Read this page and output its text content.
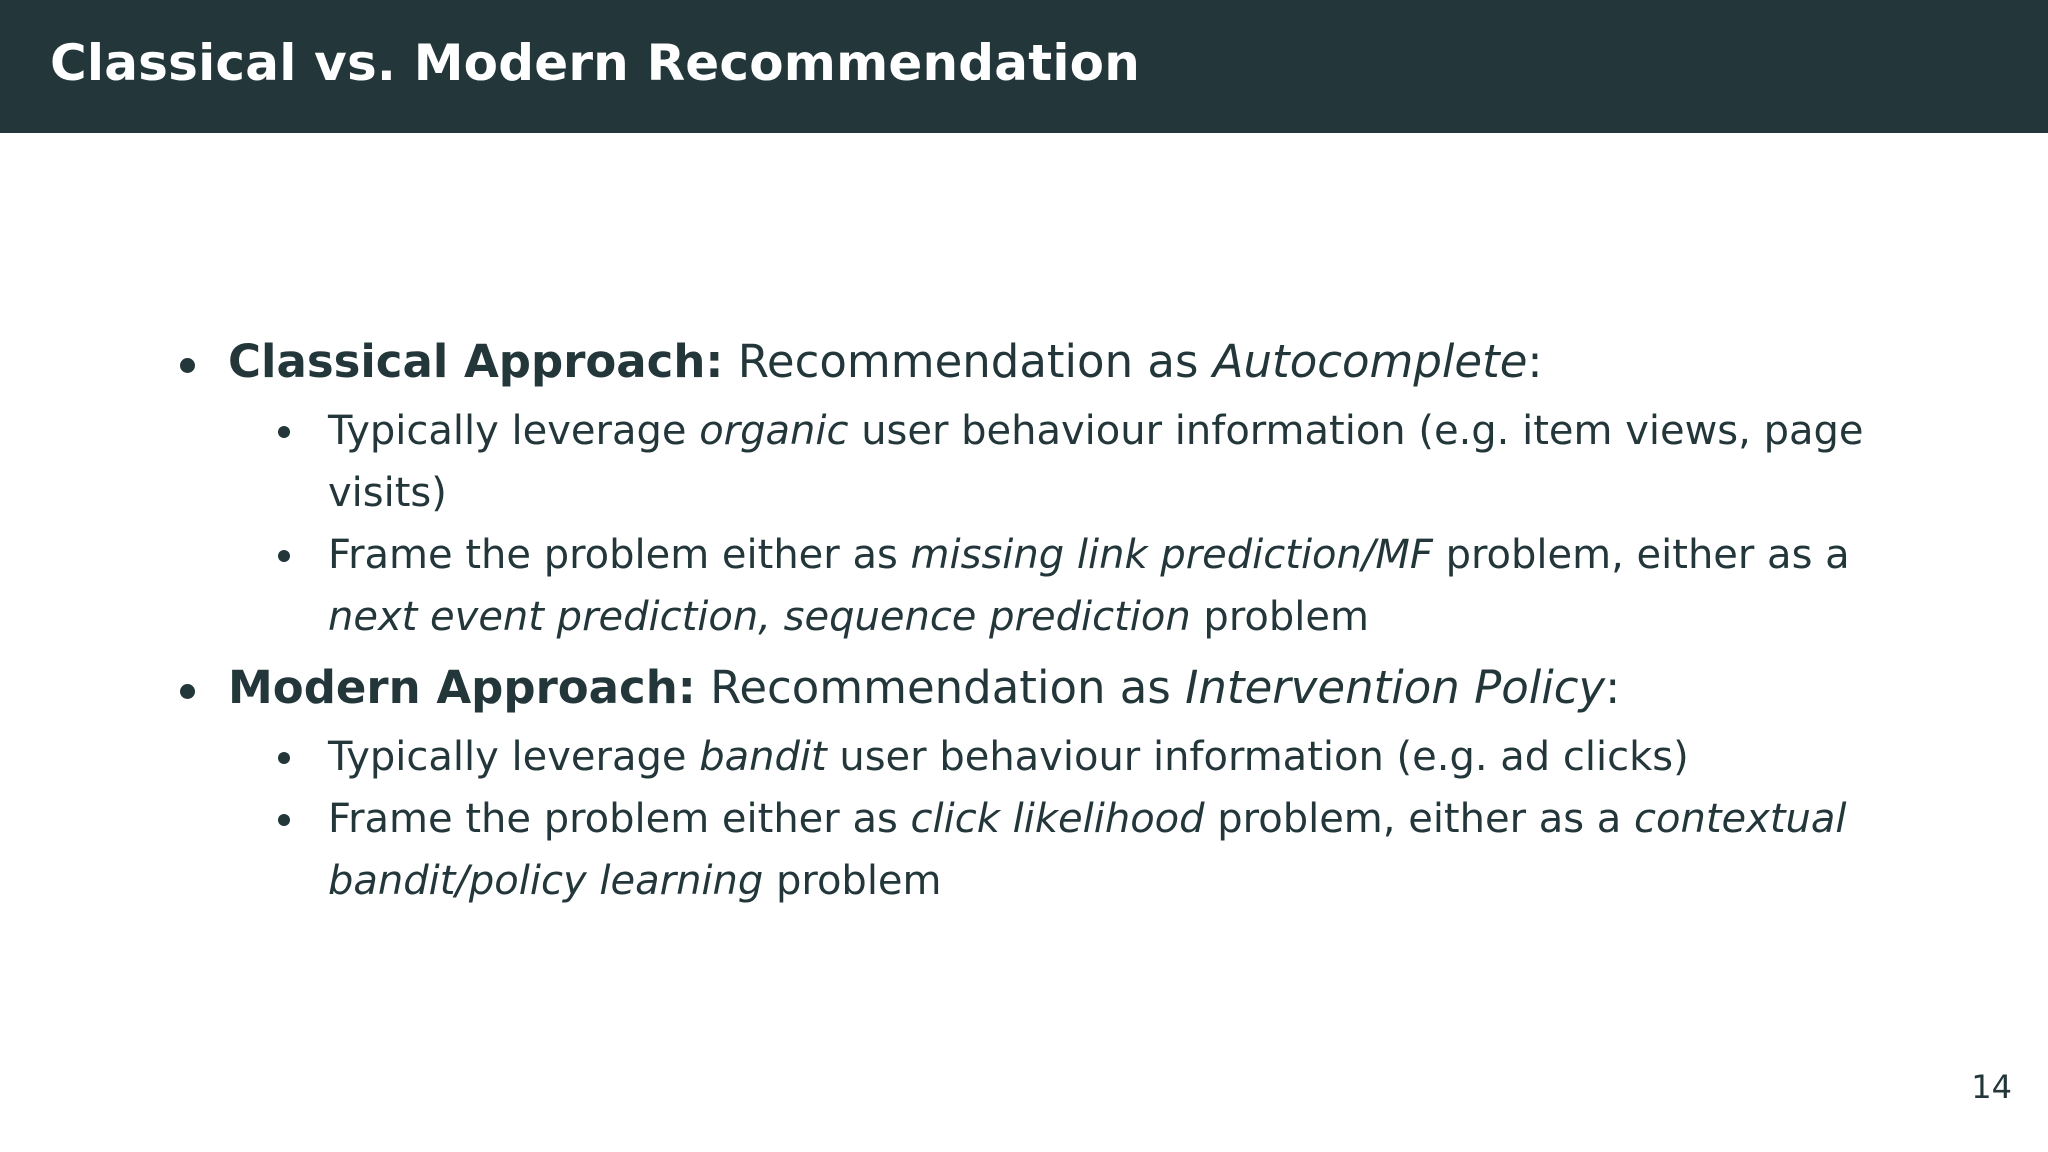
Classical vs. Modern Recommendation
Classical Approach: Recommendation as Autocomplete:
Typically leverage organic user behaviour information (e.g. item views, page visits)
Frame the problem either as missing link prediction/MF problem, either as a next event prediction, sequence prediction problem
Modern Approach: Recommendation as Intervention Policy:
Typically leverage bandit user behaviour information (e.g. ad clicks)
Frame the problem either as click likelihood problem, either as a contextual bandit/policy learning problem
14
